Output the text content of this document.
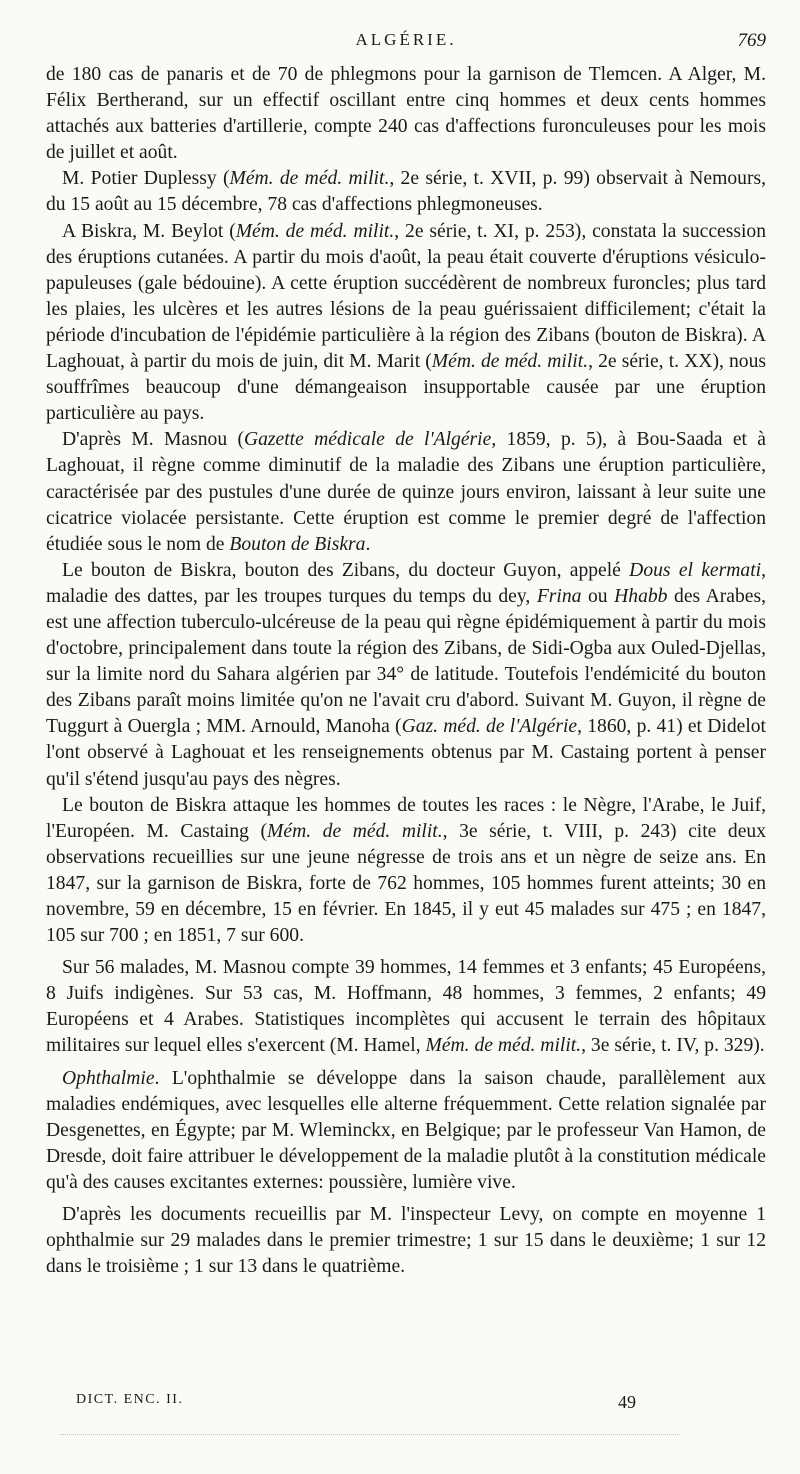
ALGÉRIE.	769

de 180 cas de panaris et de 70 de phlegmons pour la garnison de Tlemcen. A Alger, M. Félix Bertherand, sur un effectif oscillant entre cinq hommes et deux cents hommes attachés aux batteries d'artillerie, compte 240 cas d'affections furonculeuses pour les mois de juillet et août.

M. Potier Duplessy (Mém. de méd. milit., 2e série, t. XVII, p. 99) observait à Nemours, du 15 août au 15 décembre, 78 cas d'affections phlegmoneuses.

A Biskra, M. Beylot (Mém. de méd. milit., 2e série, t. XI, p. 253), constata la succession des éruptions cutanées. A partir du mois d'août, la peau était couverte d'éruptions vésiculo-papuleuses (gale bédouine). A cette éruption succédèrent de nombreux furoncles; plus tard les plaies, les ulcères et les autres lésions de la peau guérissaient difficilement; c'était la période d'incubation de l'épidémie particulière à la région des Zibans (bouton de Biskra). A Laghouat, à partir du mois de juin, dit M. Marit (Mém. de méd. milit., 2e série, t. XX), nous souffrîmes beaucoup d'une démangeaison insupportable causée par une éruption particulière au pays.

D'après M. Masnou (Gazette médicale de l'Algérie, 1859, p. 5), à Bou-Saada et à Laghouat, il règne comme diminutif de la maladie des Zibans une éruption particulière, caractérisée par des pustules d'une durée de quinze jours environ, laissant à leur suite une cicatrice violacée persistante. Cette éruption est comme le premier degré de l'affection étudiée sous le nom de Bouton de Biskra.

Le bouton de Biskra, bouton des Zibans, du docteur Guyon, appelé Dous el kermati, maladie des dattes, par les troupes turques du temps du dey, Frina ou Hhabb des Arabes, est une affection tuberculo-ulcéreuse de la peau qui règne épidémiquement à partir du mois d'octobre, principalement dans toute la région des Zibans, de Sidi-Ogba aux Ouled-Djellas, sur la limite nord du Sahara algérien par 34° de latitude. Toutefois l'endémicité du bouton des Zibans paraît moins limitée qu'on ne l'avait cru d'abord. Suivant M. Guyon, il règne de Tuggurt à Ouergla ; MM. Arnould, Manoha (Gaz. méd. de l'Algérie, 1860, p. 41) et Didelot l'ont observé à Laghouat et les renseignements obtenus par M. Castaing portent à penser qu'il s'étend jusqu'au pays des nègres.

Le bouton de Biskra attaque les hommes de toutes les races : le Nègre, l'Arabe, le Juif, l'Européen. M. Castaing (Mém. de méd. milit., 3e série, t. VIII, p. 243) cite deux observations recueillies sur une jeune négresse de trois ans et un nègre de seize ans. En 1847, sur la garnison de Biskra, forte de 762 hommes, 105 hommes furent atteints; 30 en novembre, 59 en décembre, 15 en février. En 1845, il y eut 45 malades sur 475 ; en 1847, 105 sur 700 ; en 1851, 7 sur 600.

Sur 56 malades, M. Masnou compte 39 hommes, 14 femmes et 3 enfants; 45 Européens, 8 Juifs indigènes. Sur 53 cas, M. Hoffmann, 48 hommes, 3 femmes, 2 enfants; 49 Européens et 4 Arabes. Statistiques incomplètes qui accusent le terrain des hôpitaux militaires sur lequel elles s'exercent (M. Hamel, Mém. de méd. milit., 3e série, t. IV, p. 329).

Ophthalmie. L'ophthalmie se développe dans la saison chaude, parallèlement aux maladies endémiques, avec lesquelles elle alterne fréquemment. Cette relation signalée par Desgenettes, en Égypte; par M. Wleminckx, en Belgique; par le professeur Van Hamon, de Dresde, doit faire attribuer le développement de la maladie plutôt à la constitution médicale qu'à des causes excitantes externes: poussière, lumière vive.

D'après les documents recueillis par M. l'inspecteur Levy, on compte en moyenne 1 ophthalmie sur 29 malades dans le premier trimestre; 1 sur 15 dans le deuxième; 1 sur 12 dans le troisième ; 1 sur 13 dans le quatrième.

DICT. ENC. II.	49
